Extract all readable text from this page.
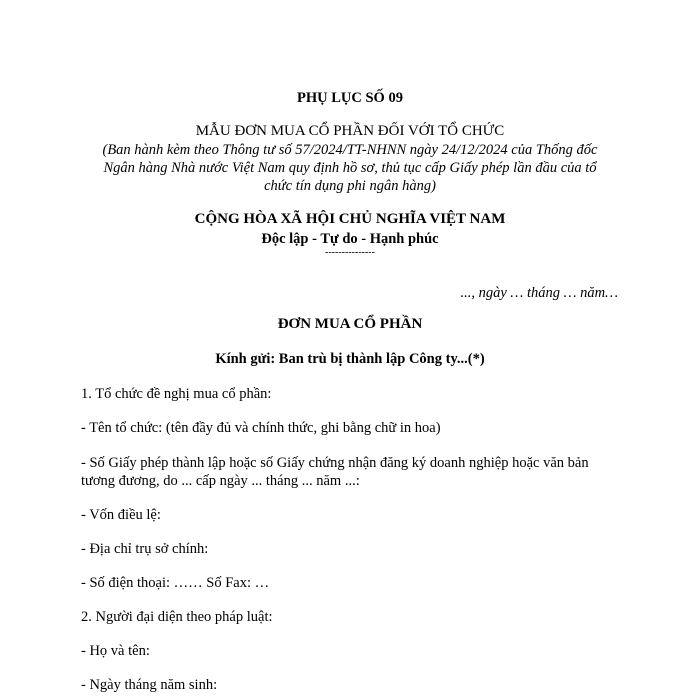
PHỤ LỤC SỐ 09
MẪU ĐƠN MUA CỔ PHẦN ĐỐI VỚI TỔ CHỨC
(Ban hành kèm theo Thông tư số 57/2024/TT-NHNN ngày 24/12/2024 của Thống đốc
Ngân hàng Nhà nước Việt Nam quy định hồ sơ, thủ tục cấp Giấy phép lần đầu của tổ
chức tín dụng phi ngân hàng)
CỘNG HÒA XÃ HỘI CHỦ NGHĨA VIỆT NAM
Độc lập - Tự do - Hạnh phúc
---------------
..., ngày … tháng … năm…
ĐƠN MUA CỔ PHẦN
Kính gửi: Ban trù bị thành lập Công ty...(*)
1. Tổ chức đề nghị mua cổ phần:
- Tên tổ chức: (tên đầy đủ và chính thức, ghi bằng chữ in hoa)
- Số Giấy phép thành lập hoặc số Giấy chứng nhận đăng ký doanh nghiệp hoặc văn bản
tương đương, do ... cấp ngày ... tháng ... năm ...:
- Vốn điều lệ:
- Địa chỉ trụ sở chính:
- Số điện thoại: …… Số Fax: …
2. Người đại diện theo pháp luật:
- Họ và tên:
- Ngày tháng năm sinh:
